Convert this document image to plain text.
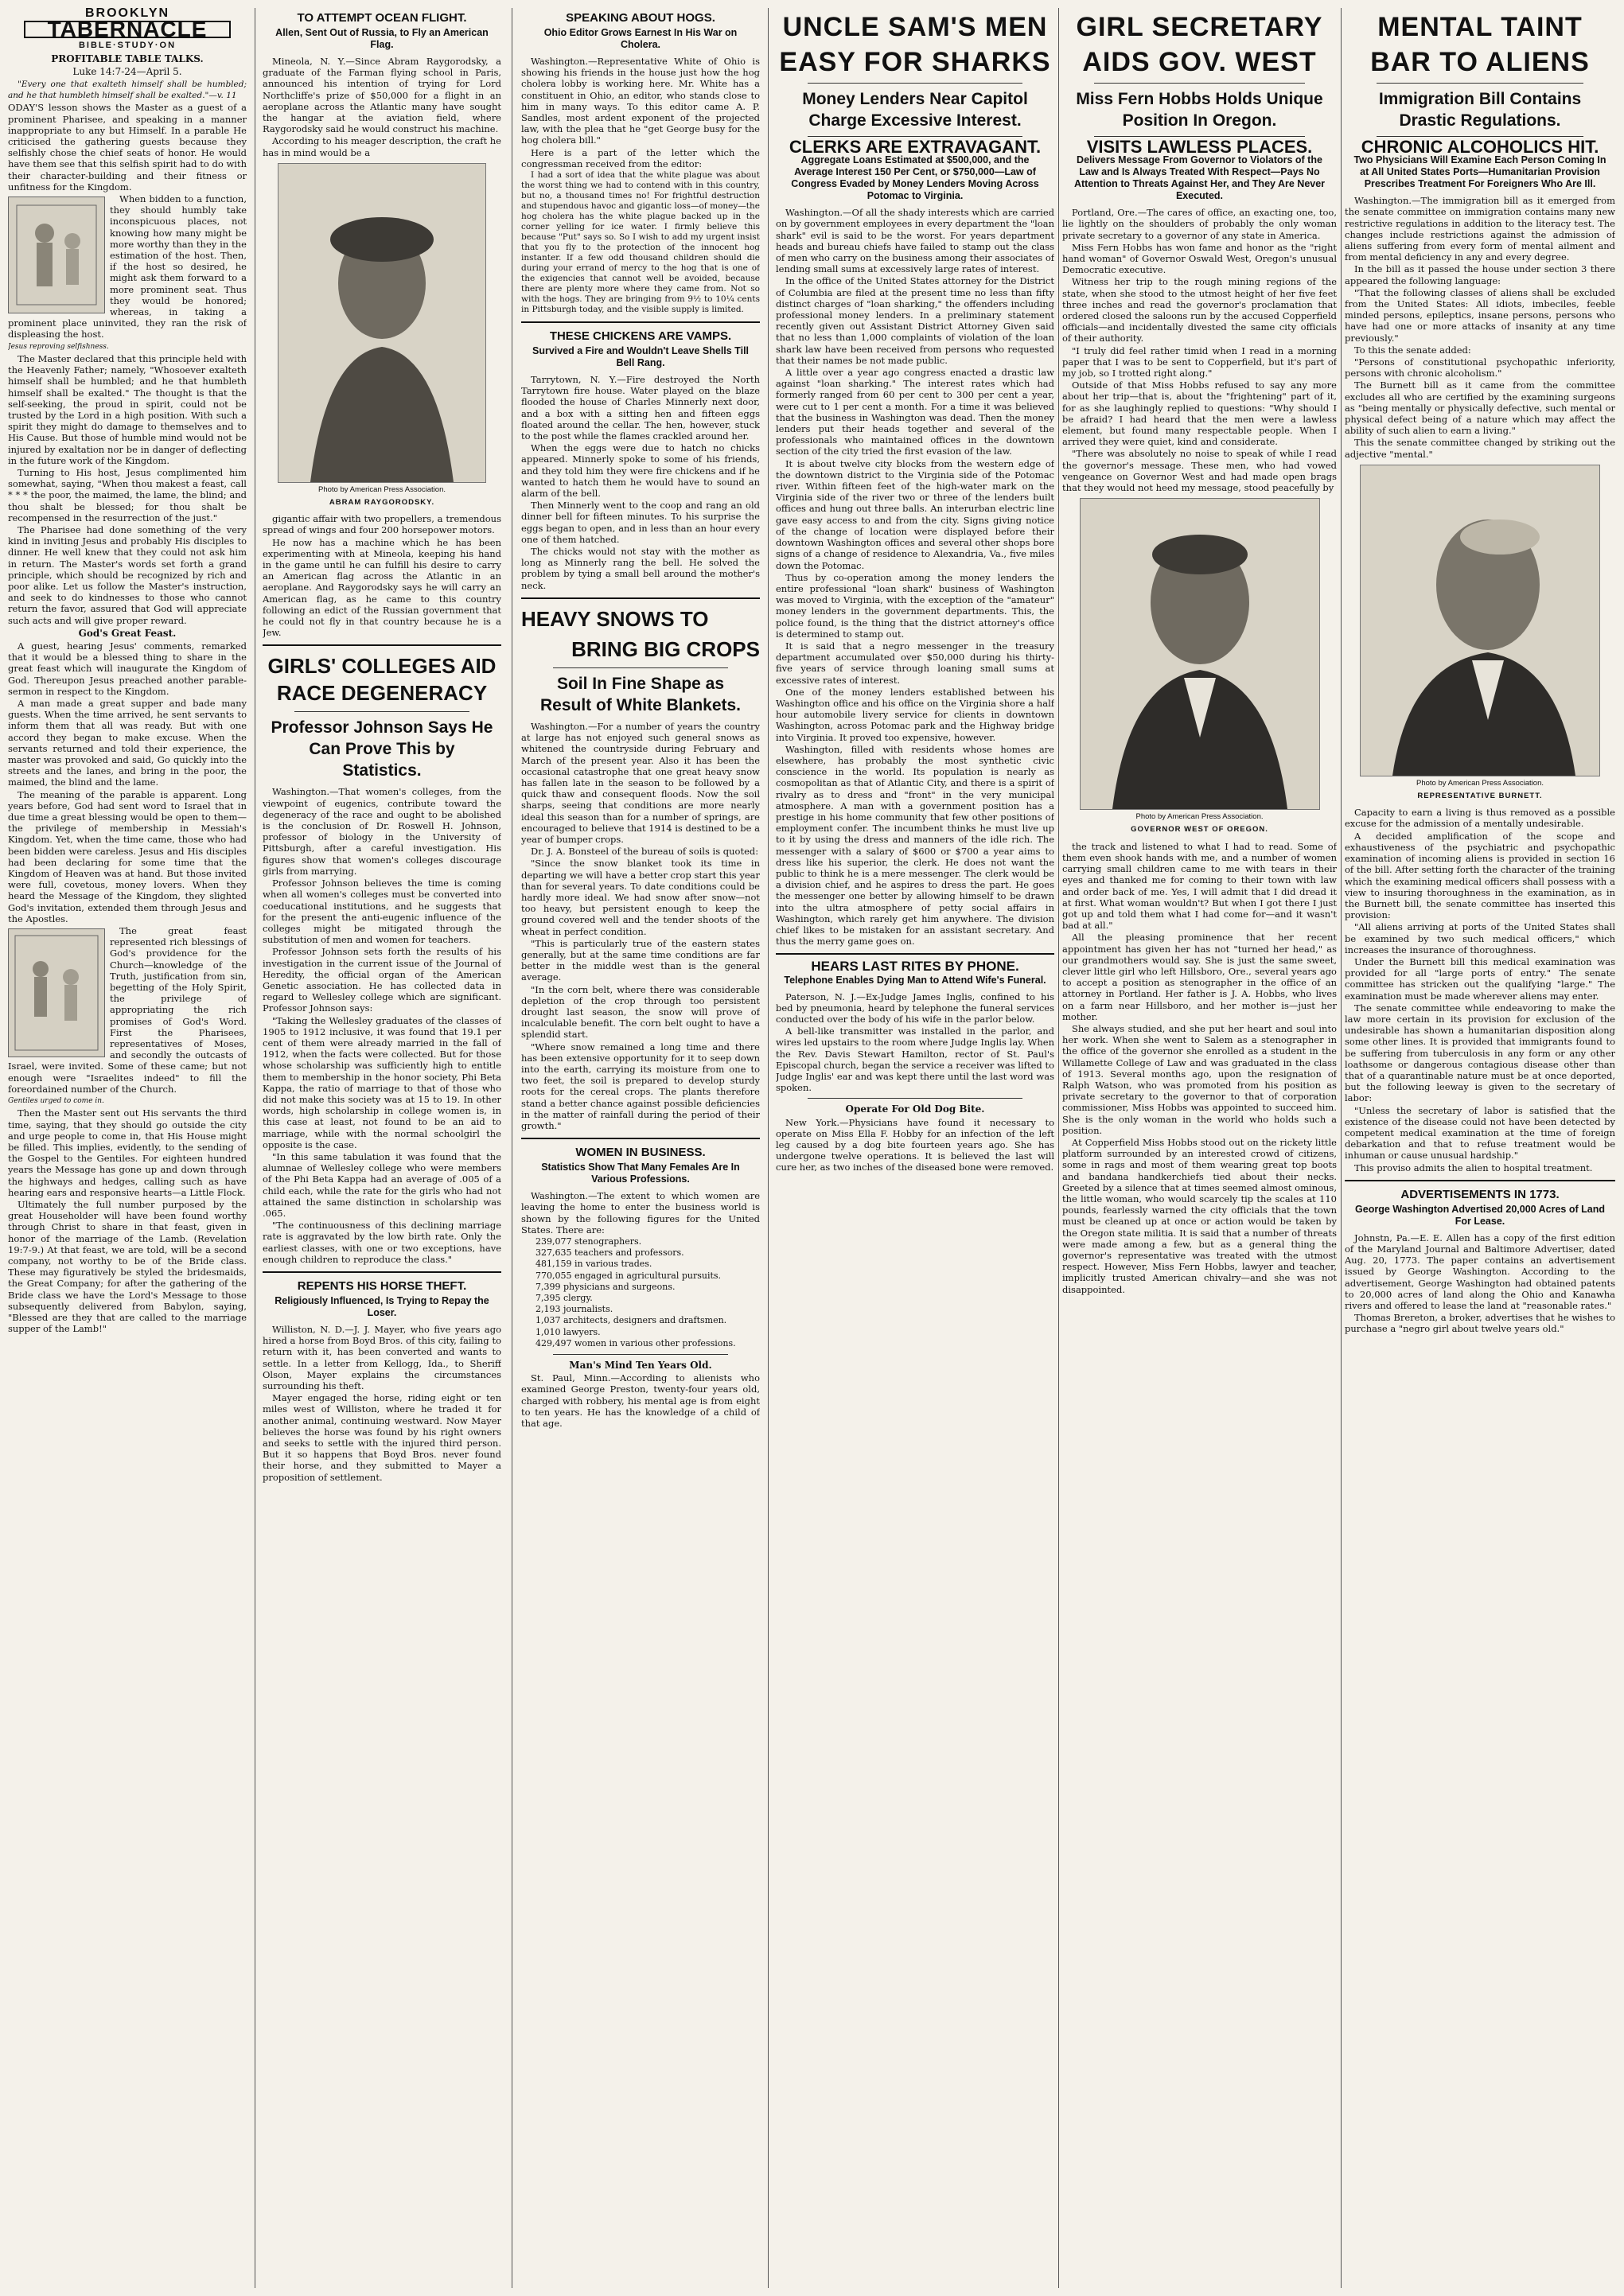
BROOKLYN
TABERNACLE
BIBLE·STUDY·ON
PROFITABLE TABLE TALKS.
Luke 14:7-24—April 5.

"Every one that exalteth himself shall be humbled; and he that humbleth himself shall be exalted."—v. 11

ODAY'S lesson shows the Master as a guest of a prominent Pharisee, and speaking in a manner inappropriate to any but Himself. In a parable He criticised the gathering guests because they selfishly chose the chief seats of honor. He would have them see that this selfish spirit had to do with their character-building and their fitness or unfitness for the Kingdom.

When bidden to a function, they should humbly take inconspicuous places, not knowing how many might be more worthy than they in the estimation of the host. Then, if the host so desired, he might ask them forward to a more prominent seat. Thus they would be honored; whereas, in taking a prominent place uninvited, they ran the risk of displeasing the host.

Jesus reproving selfishness.

The Master declared that this principle held with the Heavenly Father; namely, "Whosoever exalteth himself shall be humbled; and he that humbleth himself shall be exalted." The thought is that the self-seeking, the proud in spirit, could not be trusted by the Lord in a high position. With such a spirit they might do damage to themselves and to His Cause. But those of humble mind would not be injured by exaltation nor be in danger of deflecting in the future work of the Kingdom.

Turning to His host, Jesus complimented him somewhat, saying, "When thou makest a feast, call * * * the poor, the maimed, the lame, the blind; and thou shalt be blessed; for thou shalt be recompensed in the resurrection of the just."

The Pharisee had done something of the very kind in inviting Jesus and probably His disciples to dinner. He well knew that they could not ask him in return. The Master's words set forth a grand principle, which should be recognized by rich and poor alike. Let us follow the Master's instruction, and seek to do kindnesses to those who cannot return the favor, assured that God will appreciate such acts and will give proper reward.

God's Great Feast.

A guest, hearing Jesus' comments, remarked that it would be a blessed thing to share in the great feast which will inaugurate the Kingdom of God. Thereupon Jesus preached another parable-sermon in respect to the Kingdom.

A man made a great supper and bade many guests. When the time arrived, he sent servants to inform them that all was ready. But with one accord they began to make excuse. When the servants returned and told their experience, the master was provoked and said, Go quickly into the streets and the lanes, and bring in the poor, the maimed, the blind and the lame.

The meaning of the parable is apparent. Long years before, God had sent word to Israel that in due time a great blessing would be open to them—the privilege of membership in Messiah's Kingdom. Yet, when the time came, those who had been bidden were careless. Jesus and His disciples had been declaring for some time that the Kingdom of Heaven was at hand. But those invited were full, covetous, money lovers. When they heard the Message of the Kingdom, they slighted God's invitation, extended them through Jesus and the Apostles.

The great feast represented rich blessings of God's providence for the Church—knowledge of the Truth, justification from sin, begetting of the Holy Spirit, the privilege of appropriating the rich promises of God's Word. First the Pharisees, representatives of Moses, and secondly the outcasts of Israel, were invited. Some of these came; but not enough were "Israelites indeed" to fill the foreordained number of the Church.

Gentiles urged to come in.

Then the Master sent out His servants the third time, saying, that they should go outside the city and urge people to come in, that His House might be filled. This implies, evidently, to the sending of the Gospel to the Gentiles. For eighteen hundred years the Message has gone up and down through the highways and hedges, calling such as have hearing ears and responsive hearts—a Little Flock.

Ultimately the full number purposed by the great Householder will have been found worthy through Christ to share in that feast, given in honor of the marriage of the Lamb. (Revelation 19:7-9.) At that feast, we are told, will be a second company, not worthy to be of the Bride class. These may figuratively be styled the bridesmaids, the Great Company; for after the gathering of the Bride class we have the Lord's Message to those subsequently delivered from Babylon, saying, "Blessed are they that are called to the marriage supper of the Lamb!"

TO ATTEMPT OCEAN FLIGHT.
Allen, Sent Out of Russia, to Fly an American Flag.

Mineola, N. Y.—Since Abram Raygorodsky, a graduate of the Farman flying school in Paris, announced his intention of trying for Lord Northcliffe's prize of $50,000 for a flight in an aeroplane across the Atlantic many have sought the hangar at the aviation field, where Raygorodsky said he would construct his machine.

According to his meager description, the craft he has in mind would be a

Photo by American Press Association.
ABRAM RAYGORODSKY.

gigantic affair with two propellers, a tremendous spread of wings and four 200 horsepower motors.

He now has a machine which he has been experimenting with at Mineola, keeping his hand in the game until he can fulfill his desire to carry an American flag across the Atlantic in an aeroplane. And Raygorodsky says he will carry an American flag, as he came to this country following an edict of the Russian government that he could not fly in that country because he is a Jew.

GIRLS' COLLEGES AID RACE DEGENERACY
Professor Johnson Says He Can Prove This by Statistics.

Washington.—That women's colleges, from the viewpoint of eugenics, contribute toward the degeneracy of the race and ought to be abolished is the conclusion of Dr. Roswell H. Johnson, professor of biology in the University of Pittsburgh, after a careful investigation. His figures show that women's colleges discourage girls from marrying.

Professor Johnson believes the time is coming when all women's colleges must be converted into coeducational institutions, and he suggests that for the present the anti-eugenic influence of the colleges might be mitigated through the substitution of men and women for teachers.

Professor Johnson sets forth the results of his investigation in the current issue of the Journal of Heredity, the official organ of the American Genetic association. He has collected data in regard to Wellesley college which are significant. Professor Johnson says:

"Taking the Wellesley graduates of the classes of 1905 to 1912 inclusive, it was found that 19.1 per cent of them were already married in the fall of 1912, when the facts were collected. But for those whose scholarship was sufficiently high to entitle them to membership in the honor society, Phi Beta Kappa, the ratio of marriage to that of those who did not make this society was at 15 to 19. In other words, high scholarship in college women is, in this case at least, not found to be an aid to marriage, while with the normal schoolgirl the opposite is the case.

"In this same tabulation it was found that the alumnae of Wellesley college who were members of the Phi Beta Kappa had an average of .005 of a child each, while the rate for the girls who had not attained the same distinction in scholarship was .065.

"The continuousness of this declining marriage rate is aggravated by the low birth rate. Only the earliest classes, with one or two exceptions, have enough children to reproduce the class."

REPENTS HIS HORSE THEFT.
Religiously Influenced, Is Trying to Repay the Loser.

Williston, N. D.—J. J. Mayer, who five years ago hired a horse from Boyd Bros. of this city, failing to return with it, has been converted and wants to settle. In a letter from Kellogg, Ida., to Sheriff Olson, Mayer explains the circumstances surrounding his theft.

Mayer engaged the horse, riding eight or ten miles west of Williston, where he traded it for another animal, continuing westward. Now Mayer believes the horse was found by his right owners and seeks to settle with the injured third person. But it so happens that Boyd Bros. never found their horse, and they submitted to Mayer a proposition of settlement.

SPEAKING ABOUT HOGS.
Ohio Editor Grows Earnest In His War on Cholera.

Washington.—Representative White of Ohio is showing his friends in the house just how the hog cholera lobby is working here. Mr. White has a constituent in Ohio, an editor, who stands close to him in many ways. To this editor came A. P. Sandles, most ardent exponent of the projected law, with the plea that he "get George busy for the hog cholera bill."

Here is a part of the letter which the congressman received from the editor:

I had a sort of idea that the white plague was about the worst thing we had to contend with in this country, but no, a thousand times no! For frightful destruction and stupendous havoc and gigantic loss—of money—the hog cholera has the white plague backed up in the corner yelling for ice water. I firmly believe this because "Put" says so. So I wish to add my urgent insist that you fly to the protection of the innocent hog instanter. If a few odd thousand children should die during your errand of mercy to the hog that is one of the exigencies that cannot well be avoided, because there are plenty more where they came from. Not so with the hogs. They are bringing from 9½ to 10¼ cents in Pittsburgh today, and the visible supply is limited.

THESE CHICKENS ARE VAMPS.
Survived a Fire and Wouldn't Leave Shells Till Bell Rang.

Tarrytown, N. Y.—Fire destroyed the North Tarrytown fire house. Water played on the blaze flooded the house of Charles Minnerly next door, and a box with a sitting hen and fifteen eggs floated around the cellar. The hen, however, stuck to the post while the flames crackled around her.

When the eggs were due to hatch no chicks appeared. Minnerly spoke to some of his friends, and they told him they were fire chickens and if he wanted to hatch them he would have to sound an alarm of the bell.

Then Minnerly went to the coop and rang an old dinner bell for fifteen minutes. To his surprise the eggs began to open, and in less than an hour every one of them hatched.

The chicks would not stay with the mother as long as Minnerly rang the bell. He solved the problem by tying a small bell around the mother's neck.

HEAVY SNOWS TO
BRING BIG CROPS
Soil In Fine Shape as Result of White Blankets.

Washington.—For a number of years the country at large has not enjoyed such general snows as whitened the countryside during February and March of the present year. Also it has been the occasional catastrophe that one great heavy snow has fallen late in the season to be followed by a quick thaw and consequent floods. Now the soil sharps, seeing that conditions are more nearly ideal this season than for a number of springs, are encouraged to believe that 1914 is destined to be a year of bumper crops.

Dr. J. A. Bonsteel of the bureau of soils is quoted:

"Since the snow blanket took its time in departing we will have a better crop start this year than for several years. To date conditions could be hardly more ideal. We had snow after snow—not too heavy, but persistent enough to keep the ground covered well and the tender shoots of the wheat in perfect condition.

"This is particularly true of the eastern states generally, but at the same time conditions are far better in the middle west than is the general average.

"In the corn belt, where there was considerable depletion of the crop through too persistent drought last season, the snow will prove of incalculable benefit. The corn belt ought to have a splendid start.

"Where snow remained a long time and there has been extensive opportunity for it to seep down into the earth, carrying its moisture from one to two feet, the soil is prepared to develop sturdy roots for the cereal crops. The plants therefore stand a better chance against possible deficiencies in the matter of rainfall during the period of their growth."

WOMEN IN BUSINESS.
Statistics Show That Many Females Are In Various Professions.

Washington.—The extent to which women are leaving the home to enter the business world is shown by the following figures for the United States. There are:

239,077 stenographers.
327,635 teachers and professors.
481,159 in various trades.
770,055 engaged in agricultural pursuits.
7,399 physicians and surgeons.
7,395 clergy.
2,193 journalists.
1,037 architects, designers and draftsmen.
1,010 lawyers.
429,497 women in various other professions.
Man's Mind Ten Years Old.

St. Paul, Minn.—According to alienists who examined George Preston, twenty-four years old, charged with robbery, his mental age is from eight to ten years. He has the knowledge of a child of that age.

UNCLE SAM'S MEN
EASY FOR SHARKS
Money Lenders Near Capitol Charge Excessive Interest.
CLERKS ARE EXTRAVAGANT.
Aggregate Loans Estimated at $500,000, and the Average Interest 150 Per Cent, or $750,000—Law of Congress Evaded by Money Lenders Moving Across Potomac to Virginia.

Washington.—Of all the shady interests which are carried on by government employees in every department the "loan shark" evil is said to be the worst. For years department heads and bureau chiefs have failed to stamp out the class of men who carry on the business among their associates of lending small sums at excessively large rates of interest.

In the office of the United States attorney for the District of Columbia are filed at the present time no less than fifty distinct charges of "loan sharking," the offenders including professional money lenders. In a preliminary statement recently given out Assistant District Attorney Given said that no less than 1,000 complaints of violation of the loan shark law have been received from persons who requested that their names be not made public.

A little over a year ago congress enacted a drastic law against "loan sharking." The interest rates which had formerly ranged from 60 per cent to 300 per cent a year, were cut to 1 per cent a month. For a time it was believed that the business in Washington was dead. Then the money lenders put their heads together and several of the professionals who maintained offices in the downtown section of the city tried the first evasion of the law.

It is about twelve city blocks from the western edge of the downtown district to the Virginia side of the Potomac river. Within fifteen feet of the high-water mark on the Virginia side of the river two or three of the lenders built offices and hung out three balls. An interurban electric line gave easy access to and from the city. Signs giving notice of the change of location were displayed before their downtown Washington offices and several other shops bore signs of a change of residence to Alexandria, Va., five miles down the Potomac.

Thus by co-operation among the money lenders the entire professional "loan shark" business of Washington was moved to Virginia, with the exception of the "amateur" money lenders in the government departments. This, the police found, is the thing that the district attorney's office is determined to stamp out.

It is said that a negro messenger in the treasury department accumulated over $50,000 during his thirty-five years of service through loaning small sums at excessive rates of interest.

One of the money lenders established between his Washington office and his office on the Virginia shore a half hour automobile livery service for clients in downtown Washington, across Potomac park and the Highway bridge into Virginia. It proved too expensive, however.

Washington, filled with residents whose homes are elsewhere, has probably the most synthetic civic conscience in the world. Its population is nearly as cosmopolitan as that of Atlantic City, and there is a spirit of rivalry as to dress and "front" in the very municipal atmosphere. A man with a government position has a prestige in his home community that few other positions of employment confer. The incumbent thinks he must live up to it by using the dress and manners of the idle rich. The messenger with a salary of $600 or $700 a year aims to dress like his superior, the clerk. He does not want the public to think he is a mere messenger. The clerk would be a division chief, and he aspires to dress the part. He goes the messenger one better by allowing himself to be drawn into the ultra atmosphere of petty social affairs in Washington, which rarely get him anywhere. The division chief likes to be mistaken for an assistant secretary. And thus the merry game goes on.

HEARS LAST RITES BY PHONE.
Telephone Enables Dying Man to Attend Wife's Funeral.

Paterson, N. J.—Ex-Judge James Inglis, confined to his bed by pneumonia, heard by telephone the funeral services conducted over the body of his wife in the parlor below.

A bell-like transmitter was installed in the parlor, and wires led upstairs to the room where Judge Inglis lay. When the Rev. Davis Stewart Hamilton, rector of St. Paul's Episcopal church, began the service a receiver was lifted to Judge Inglis' ear and was kept there until the last word was spoken.

Operate For Old Dog Bite.

New York.—Physicians have found it necessary to operate on Miss Ella F. Hobby for an infection of the left leg caused by a dog bite fourteen years ago. She has undergone twelve operations. It is believed the last will cure her, as two inches of the diseased bone were removed.

GIRL SECRETARY
AIDS GOV. WEST
Miss Fern Hobbs Holds Unique Position In Oregon.
VISITS LAWLESS PLACES.
Delivers Message From Governor to Violators of the Law and Is Always Treated With Respect—Pays No Attention to Threats Against Her, and They Are Never Executed.

Portland, Ore.—The cares of office, an exacting one, too, lie lightly on the shoulders of probably the only woman private secretary to a governor of any state in America.

Miss Fern Hobbs has won fame and honor as the "right hand woman" of Governor Oswald West, Oregon's unusual Democratic executive.

Witness her trip to the rough mining regions of the state, when she stood to the utmost height of her five feet three inches and read the governor's proclamation that ordered closed the saloons run by the accused Copperfield officials—and incidentally divested the same city officials of their authority.

"I truly did feel rather timid when I read in a morning paper that I was to be sent to Copperfield, but it's part of my job, so I trotted right along."

Outside of that Miss Hobbs refused to say any more about her trip—that is, about the "frightening" part of it, for as she laughingly replied to questions: "Why should I be afraid? I had heard that the men were a lawless element, but found many respectable people. When I arrived they were quiet, kind and considerate.

"There was absolutely no noise to speak of while I read the governor's message. These men, who had vowed vengeance on Governor West and had made open brags that they would not heed my message, stood peacefully by

Photo by American Press Association.
GOVERNOR WEST OF OREGON.

the track and listened to what I had to read. Some of them even shook hands with me, and a number of women carrying small children came to me with tears in their eyes and thanked me for coming to their town with law and order back of me. Yes, I will admit that I did dread it at first. What woman wouldn't? But when I got there I just got up and told them what I had come for—and it wasn't bad at all."

All the pleasing prominence that her recent appointment has given her has not "turned her head," as our grandmothers would say. She is just the same sweet, clever little girl who left Hillsboro, Ore., several years ago to accept a position as stenographer in the office of an attorney in Portland. Her father is J. A. Hobbs, who lives on a farm near Hillsboro, and her mother is—just her mother.

She always studied, and she put her heart and soul into her work. When she went to Salem as a stenographer in the office of the governor she enrolled as a student in the Willamette College of Law and was graduated in the class of 1913. Several months ago, upon the resignation of Ralph Watson, who was promoted from his position as private secretary to the governor to that of corporation commissioner, Miss Hobbs was appointed to succeed him. She is the only woman in the world who holds such a position.

At Copperfield Miss Hobbs stood out on the rickety little platform surrounded by an interested crowd of citizens, some in rags and most of them wearing great top boots and bandana handkerchiefs tied about their necks. Greeted by a silence that at times seemed almost ominous, the little woman, who would scarcely tip the scales at 110 pounds, fearlessly warned the city officials that the town must be cleaned up at once or action would be taken by the Oregon state militia. It is said that a number of threats were made among a few, but as a general thing the governor's representative was treated with the utmost respect. However, Miss Fern Hobbs, lawyer and teacher, implicitly trusted American chivalry—and she was not disappointed.

MENTAL TAINT
BAR TO ALIENS
Immigration Bill Contains Drastic Regulations.
CHRONIC ALCOHOLICS HIT.
Two Physicians Will Examine Each Person Coming In at All United States Ports—Humanitarian Provision Prescribes Treatment For Foreigners Who Are Ill.

Washington.—The immigration bill as it emerged from the senate committee on immigration contains many new restrictive regulations in addition to the literacy test. The changes include restrictions against the admission of aliens suffering from every form of mental ailment and from mental deficiency in any and every degree.

In the bill as it passed the house under section 3 there appeared the following language:

"That the following classes of aliens shall be excluded from the United States: All idiots, imbeciles, feeble minded persons, epileptics, insane persons, persons who have had one or more attacks of insanity at any time previously."

To this the senate added:

"Persons of constitutional psychopathic inferiority, persons with chronic alcoholism."

The Burnett bill as it came from the committee excludes all who are certified by the examining surgeons as "being mentally or physically defective, such mental or physical defect being of a nature which may affect the ability of such alien to earn a living."

This the senate committee changed by striking out the adjective "mental."

Photo by American Press Association.
REPRESENTATIVE BURNETT.

Capacity to earn a living is thus removed as a possible excuse for the admission of a mentally undesirable.

A decided amplification of the scope and exhaustiveness of the psychiatric and psychopathic examination of incoming aliens is provided in section 16 of the bill. After setting forth the character of the training which the examining medical officers shall possess with a view to insuring thoroughness in the examination, as in the Burnett bill, the senate committee has inserted this provision:

"All aliens arriving at ports of the United States shall be examined by two such medical officers," which increases the insurance of thoroughness.

Under the Burnett bill this medical examination was provided for all "large ports of entry." The senate committee has stricken out the qualifying "large." The examination must be made wherever aliens may enter.

The senate committee while endeavoring to make the law more certain in its provision for exclusion of the undesirable has shown a humanitarian disposition along some other lines. It is provided that immigrants found to be suffering from tuberculosis in any form or any other loathsome or dangerous contagious disease other than that of a quarantinable nature must be at once deported, but the following leeway is given to the secretary of labor:

"Unless the secretary of labor is satisfied that the existence of the disease could not have been detected by competent medical examination at the time of foreign debarkation and that to refuse treatment would be inhuman or cause unusual hardship."

This proviso admits the alien to hospital treatment.

ADVERTISEMENTS IN 1773.
George Washington Advertised 20,000 Acres of Land For Lease.

Johnstn, Pa.—E. E. Allen has a copy of the first edition of the Maryland Journal and Baltimore Advertiser, dated Aug. 20, 1773. The paper contains an advertisement issued by George Washington. According to the advertisement, George Washington had obtained patents to 20,000 acres of land along the Ohio and Kanawha rivers and offered to lease the land at "reasonable rates."

Thomas Brereton, a broker, advertises that he wishes to purchase a "negro girl about twelve years old."
